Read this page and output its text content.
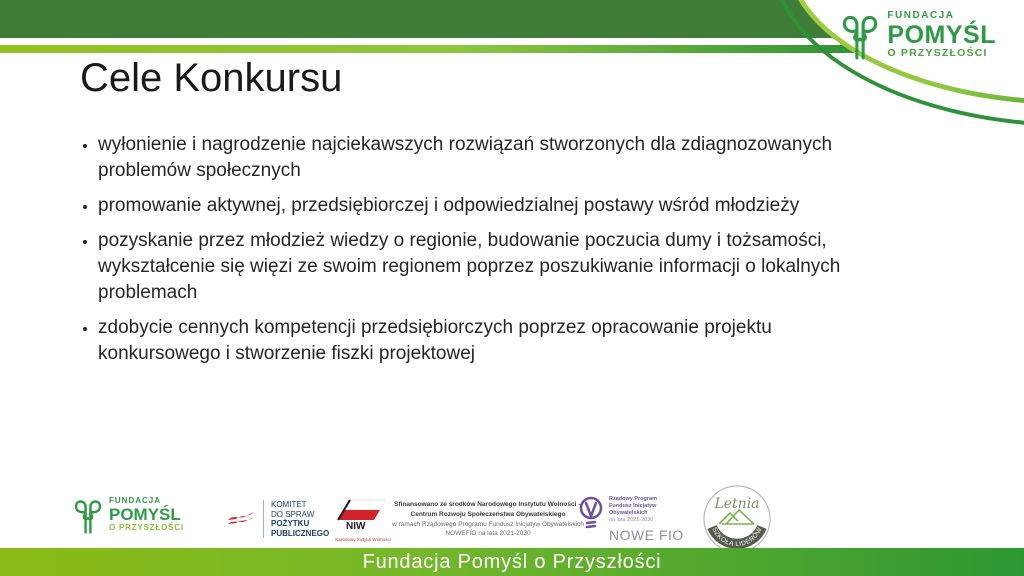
FUNDACJA
POMYŚL
O PRZYSZŁOŚCI
Cele Konkursu
• wyłonienie i nagrodzenie najciekawszych rozwiązań stworzonych dla zdiagnozowanych problemów społecznych
• promowanie aktywnej, przedsiębiorczej i odpowiedzialnej postawy wśród młodzieży
• pozyskanie przez młodzież wiedzy o regionie, budowanie poczucia dumy i tożsamości, wykształcenie się więzi ze swoim regionem poprzez poszukiwanie informacji o lokalnych problemach
• zdobycie cennych kompetencji przedsiębiorczych poprzez opracowanie projektu konkursowego i stworzenie fiszki projektowej
FUNDACJA
POMYŚL
O PRZYSZŁOŚCI
KOMITET
DO SPRAW
POŻYTKU
PUBLICZNEGO
NIW
Narodowy Instytut Wolności
Sfinansowano ze środków Narodowego Instytutu Wolności –
Centrum Rozwoju Społeczeństwa Obywatelskiego
w ramach Rządowego Programu Fundusz Inicjatyw Obywatelskich
NOWEFIO na lata 2021-2030
Rządowy Program
Fundusz Inicjatyw
Obywatelskich
na lata 2021-2030
NOWE FIO
Letnia
SZKOŁA LIDERÓW
Fundacja Pomyśl o Przyszłości
